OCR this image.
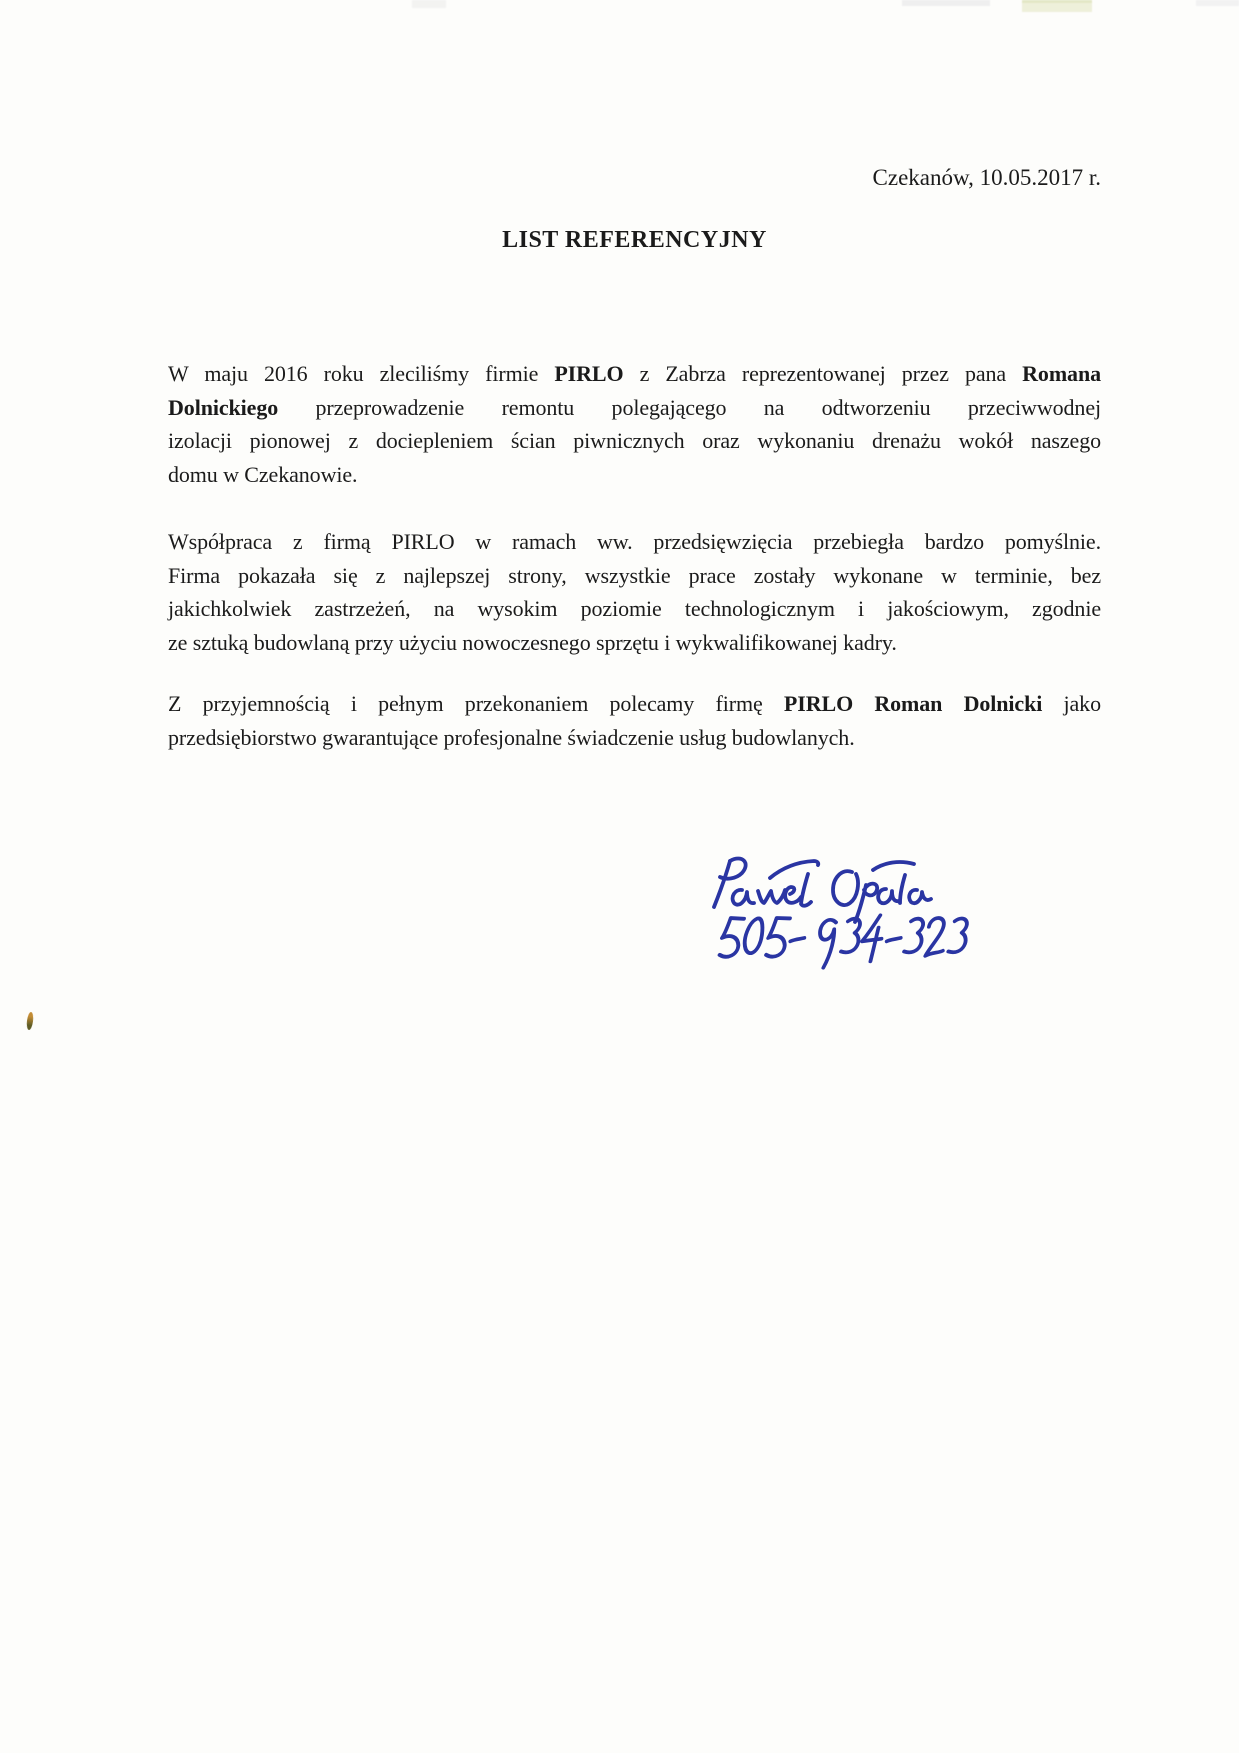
Czekanów, 10.05.2017 r.
LIST REFERENCYJNY
W maju 2016 roku zleciliśmy firmie PIRLO z Zabrza reprezentowanej przez pana Romana
Dolnickiego przeprowadzenie remontu polegającego na odtworzeniu przeciwwodnej
izolacji pionowej z dociepleniem ścian piwnicznych oraz wykonaniu drenażu wokół naszego
domu w Czekanowie.
Współpraca z firmą PIRLO w ramach ww. przedsięwzięcia przebiegła bardzo pomyślnie.
Firma pokazała się z najlepszej strony, wszystkie prace zostały wykonane w terminie, bez
jakichkolwiek zastrzeżeń, na wysokim poziomie technologicznym i jakościowym, zgodnie
ze sztuką budowlaną przy użyciu nowoczesnego sprzętu i wykwalifikowanej kadry.
Z przyjemnością i pełnym przekonaniem polecamy firmę PIRLO Roman Dolnicki jako
przedsiębiorstwo gwarantujące profesjonalne świadczenie usług budowlanych.
